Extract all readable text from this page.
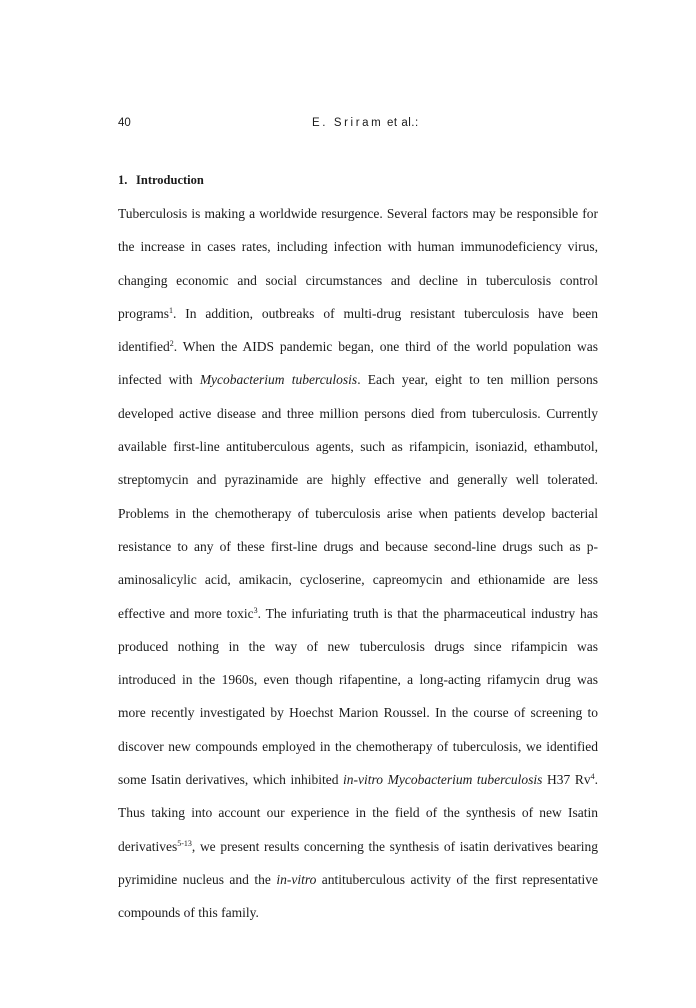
40	E. Sriram et al.:
1. Introduction
Tuberculosis is making a worldwide resurgence. Several factors may be responsible for
the increase in cases rates, including infection with human immunodeficiency virus,
changing economic and social circumstances and decline in tuberculosis control
programs$^1$. In addition, outbreaks of multi-drug resistant tuberculosis have been
identified$^2$. When the AIDS pandemic began, one third of the world population was
infected with Mycobacterium tuberculosis. Each year, eight to ten million persons
developed active disease and three million persons died from tuberculosis. Currently
available first-line antituberculous agents, such as rifampicin, isoniazid, ethambutol,
streptomycin and pyrazinamide are highly effective and generally well tolerated.
Problems in the chemotherapy of tuberculosis arise when patients develop bacterial
resistance to any of these first-line drugs and because second-line drugs such as p-
aminosalicylic acid, amikacin, cycloserine, capreomycin and ethionamide are less
effective and more toxic$^3$. The infuriating truth is that the pharmaceutical industry has
produced nothing in the way of new tuberculosis drugs since rifampicin was
introduced in the 1960s, even though rifapentine, a long-acting rifamycin drug was
more recently investigated by Hoechst Marion Roussel. In the course of screening to
discover new compounds employed in the chemotherapy of tuberculosis, we identified
some Isatin derivatives, which inhibited in-vitro Mycobacterium tuberculosis H37 Rv$^4$.
Thus taking into account our experience in the field of the synthesis of new Isatin
derivatives$^{5-13}$, we present results concerning the synthesis of isatin derivatives bearing
pyrimidine nucleus and the in-vitro antituberculous activity of the first representative
compounds of this family.
